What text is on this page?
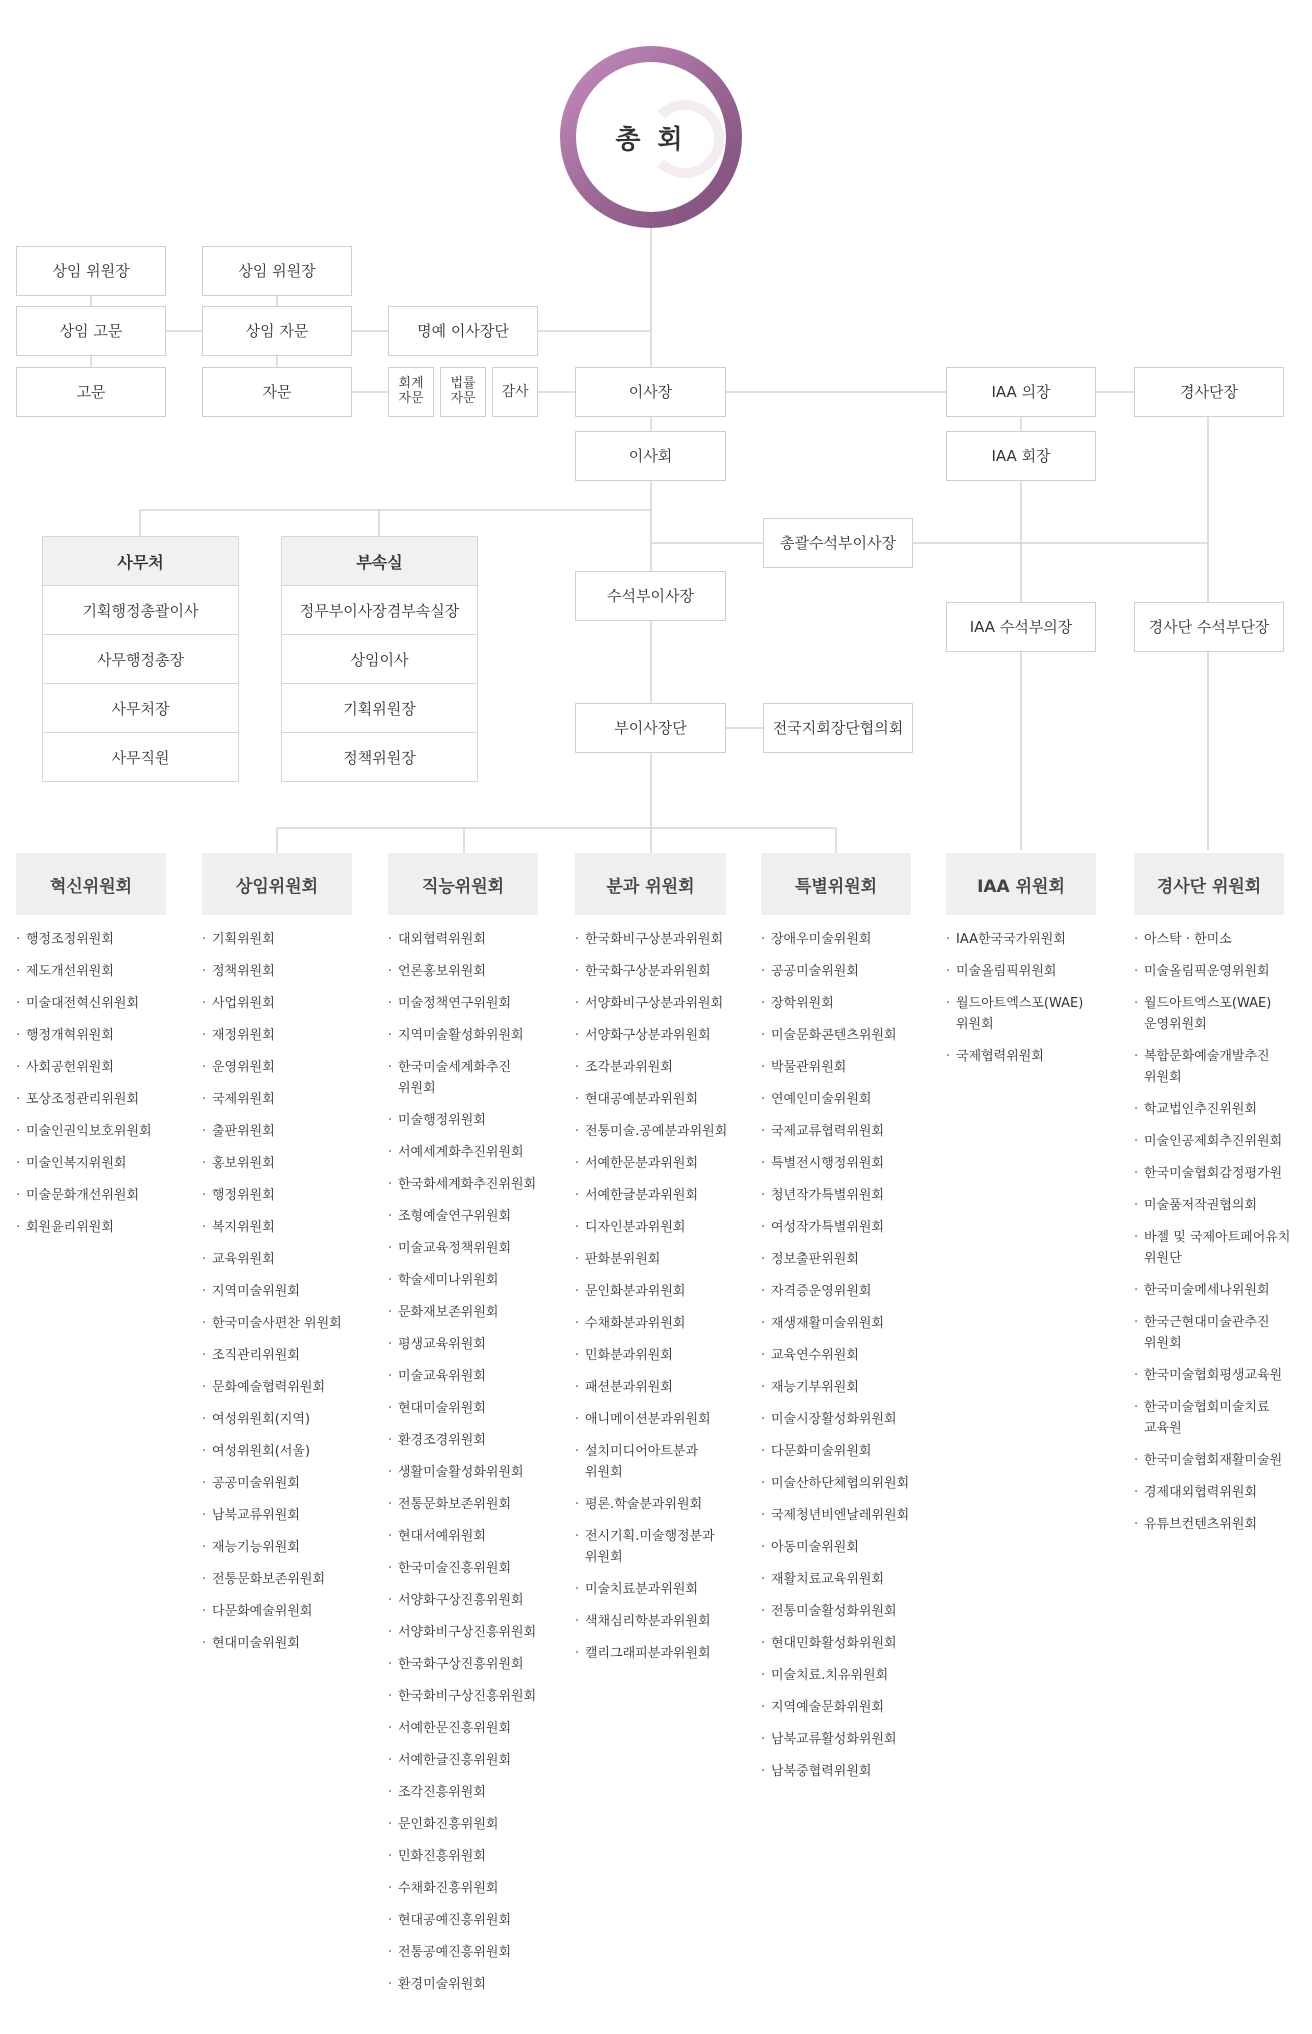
총 회
상임 위원장	상임 위원장
상임 고문	상임 자문	명예 이사장단
고문	자문	회계
자문
법률
자문	감사	이사장
이사회
총괄수석부이사장
수석부이사장
부이사장단	전국지회장단협의회
IAA 의장
IAA 회장
IAA 수석부의장
경사단장
경사단 수석부단장
사무처
기획행정총괄이사
사무행정총장
사무처장
사무직원
부속실
정무부이사장겸부속실장
상임이사
기획위원장
정책위원장
혁신위원회	상임위원회	직능위원회	분과 위원회	특별위원회	IAA 위원회	경사단 위원회
· 행정조정위원회
· 제도개선위원회
· 미술대전혁신위원회
· 행정개혁위원회
· 사회공헌위원회
· 포상조정관리위원회
· 미술인권익보호위원회
· 미술인복지위원회
· 미술문화개선위원회
· 회원윤리위원회
· 기획위원회
· 정책위원회
· 사업위원회
· 재정위원회
· 운영위원회
· 국제위원회
· 출판위원회
· 홍보위원회
· 행정위원회
· 복지위원회
· 교육위원회
· 지역미술위원회
· 한국미술사편찬 위원회
· 조직관리위원회
· 문화예술협력위원회
· 여성위원회(지역)
· 여성위원회(서울)
· 공공미술위원회
· 남북교류위원회
· 재능기능위원회
· 전통문화보존위원회
· 다문화예술위원회
· 현대미술위원회
· 대외협력위원회
· 언론홍보위원회
· 미술정책연구위원회
· 지역미술활성화위원회
· 한국미술세계화추진 위원회
· 미술행정위원회
· 서예세계화추진위원회
· 한국화세계화추진위원회
· 조형예술연구위원회
· 미술교육정책위원회
· 학술세미나위원회
· 문화재보존위원회
· 평생교육위원회
· 미술교육위원회
· 현대미술위원회
· 환경조경위원회
· 생활미술활성화위원회
· 전통문화보존위원회
· 현대서예위원회
· 한국미술진흥위원회
· 서양화구상진흥위원회
· 서양화비구상진흥위원회
· 한국화구상진흥위원회
· 한국화비구상진흥위원회
· 서예한문진흥위원회
· 서예한글진흥위원회
· 조각진흥위원회
· 문인화진흥위원회
· 민화진흥위원회
· 수채화진흥위원회
· 현대공예진흥위원회
· 전통공예진흥위원회
· 환경미술위원회
· 한국화비구상분과위원회
· 한국화구상분과위원회
· 서양화비구상분과위원회
· 서양화구상분과위원회
· 조각분과위원회
· 현대공예분과위원회
· 전통미술.공예분과위원회
· 서예한문분과위원회
· 서예한글분과위원회
· 디자인분과위원회
· 판화분위원회
· 문인화분과위원회
· 수채화분과위원회
· 민화분과위원회
· 패션분과위원회
· 애니메이션분과위원회
· 설치미디어아트분과 위원회
· 평론.학술분과위원회
· 전시기획.미술행정분과 위원회
· 미술치료분과위원회
· 색채심리학분과위원회
· 캘리그래피분과위원회
· 장애우미술위원회
· 공공미술위원회
· 장학위원회
· 미술문화콘텐츠위원회
· 박물관위원회
· 연예인미술위원회
· 국제교류협력위원회
· 특별전시행정위원회
· 청년작가특별위원회
· 여성작가특별위원회
· 정보출판위원회
· 자격증운영위원회
· 재생재활미술위원회
· 교육연수위원회
· 재능기부위원회
· 미술시장활성화위원회
· 다문화미술위원회
· 미술산하단체협의위원회
· 국제청년비엔날레위원회
· 아동미술위원회
· 재활치료교육위원회
· 전통미술활성화위원회
· 현대민화활성화위원회
· 미술치료.치유위원회
· 지역예술문화위원회
· 남북교류활성화위원회
· 남북중협력위원회
· IAA한국국가위원회
· 미술올림픽위원회
· 월드아트엑스포(WAE) 위원회
· 국제협력위원회
· 아스탁 · 한미소
· 미술올림픽운영위원회
· 월드아트엑스포(WAE) 운영위원회
· 복합문화예술개발추진 위원회
· 학교법인추진위원회
· 미술인공제회추진위원회
· 한국미술협회감정평가원
· 미술품저작권협의회
· 바젤 및 국제아트페어유치 위원단
· 한국미술메세나위원회
· 한국근현대미술관추진 위원회
· 한국미술협회평생교육원
· 한국미술협회미술치료 교육원
· 한국미술협회재활미술원
· 경제대외협력위원회
· 유튜브컨텐츠위원회
